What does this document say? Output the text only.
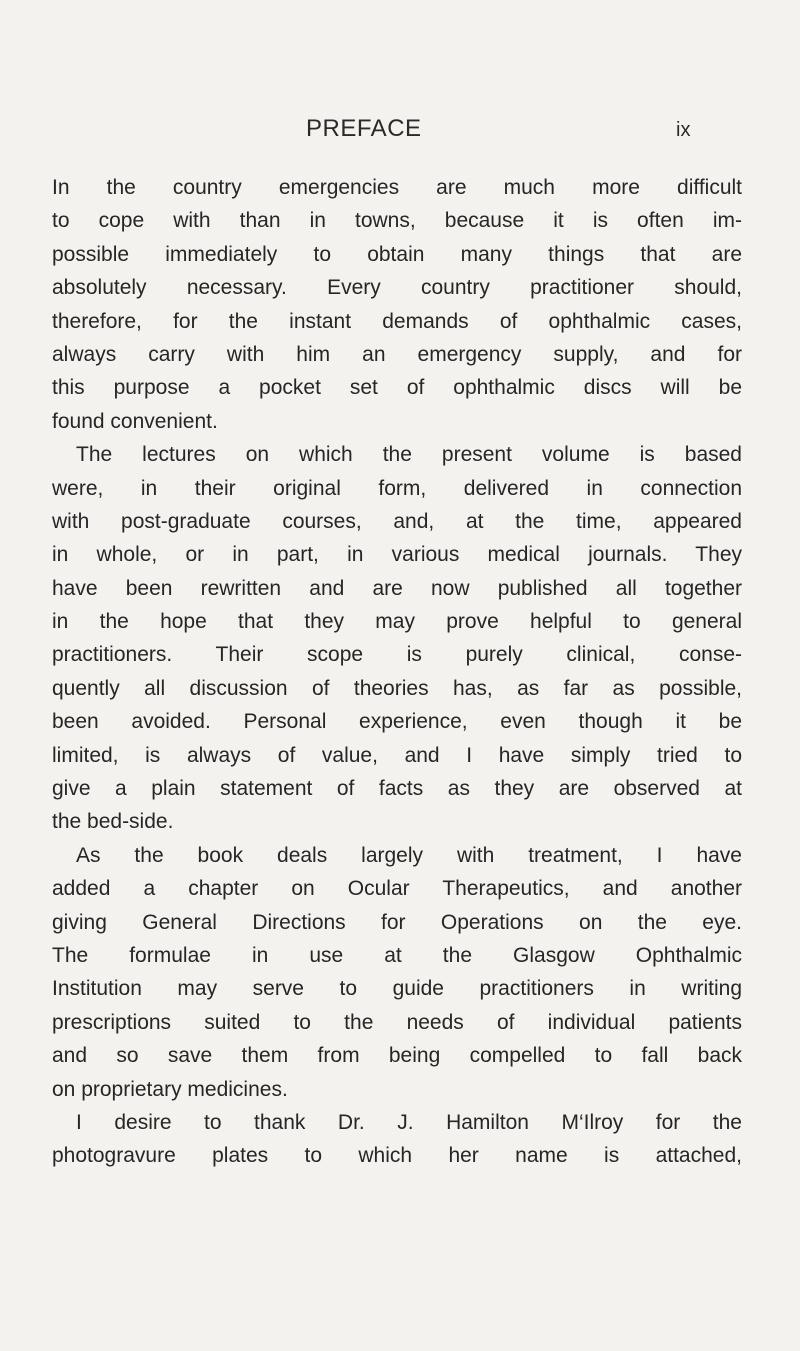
PREFACE	ix
In the country emergencies are much more difficult
to cope with than in towns, because it is often im-
possible immediately to obtain many things that are
absolutely necessary. Every country practitioner should,
therefore, for the instant demands of ophthalmic cases,
always carry with him an emergency supply, and for
this purpose a pocket set of ophthalmic discs will be
found convenient.
The lectures on which the present volume is based
were, in their original form, delivered in connection
with post-graduate courses, and, at the time, appeared
in whole, or in part, in various medical journals. They
have been rewritten and are now published all together
in the hope that they may prove helpful to general
practitioners. Their scope is purely clinical, conse-
quently all discussion of theories has, as far as possible,
been avoided. Personal experience, even though it be
limited, is always of value, and I have simply tried to
give a plain statement of facts as they are observed at
the bed-side.
As the book deals largely with treatment, I have
added a chapter on Ocular Therapeutics, and another
giving General Directions for Operations on the eye.
The formulae in use at the Glasgow Ophthalmic
Institution may serve to guide practitioners in writing
prescriptions suited to the needs of individual patients
and so save them from being compelled to fall back
on proprietary medicines.
I desire to thank Dr. J. Hamilton M‘Ilroy for the
photogravure plates to which her name is attached,
